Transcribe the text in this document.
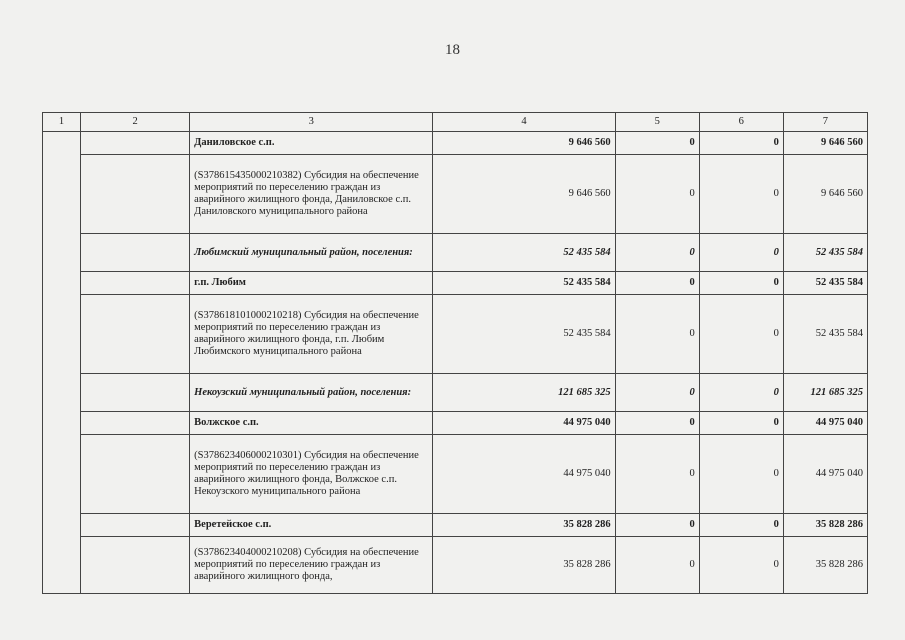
18
1	2	3	4	5	6	7
		Даниловское с.п.	9 646 560	0	0	9 646 560
		(S378615435000210382) Субсидия на обеспечение мероприятий по переселению граждан из аварийного жилищного фонда, Даниловское с.п. Даниловского муниципального района	9 646 560	0	0	9 646 560
		Любимский муниципальный район, поселения:	52 435 584	0	0	52 435 584
		г.п. Любим	52 435 584	0	0	52 435 584
		(S378618101000210218) Субсидия на обеспечение мероприятий по переселению граждан из аварийного жилищного фонда, г.п. Любим Любимского муниципального района	52 435 584	0	0	52 435 584
		Некоузский муниципальный район, поселения:	121 685 325	0	0	121 685 325
		Волжское с.п.	44 975 040	0	0	44 975 040
		(S378623406000210301) Субсидия на обеспечение мероприятий по переселению граждан из аварийного жилищного фонда, Волжское с.п. Некоузского муниципального района	44 975 040	0	0	44 975 040
		Веретейское с.п.	35 828 286	0	0	35 828 286
		(S378623404000210208) Субсидия на обеспечение мероприятий по переселению граждан из аварийного жилищного фонда,	35 828 286	0	0	35 828 286
